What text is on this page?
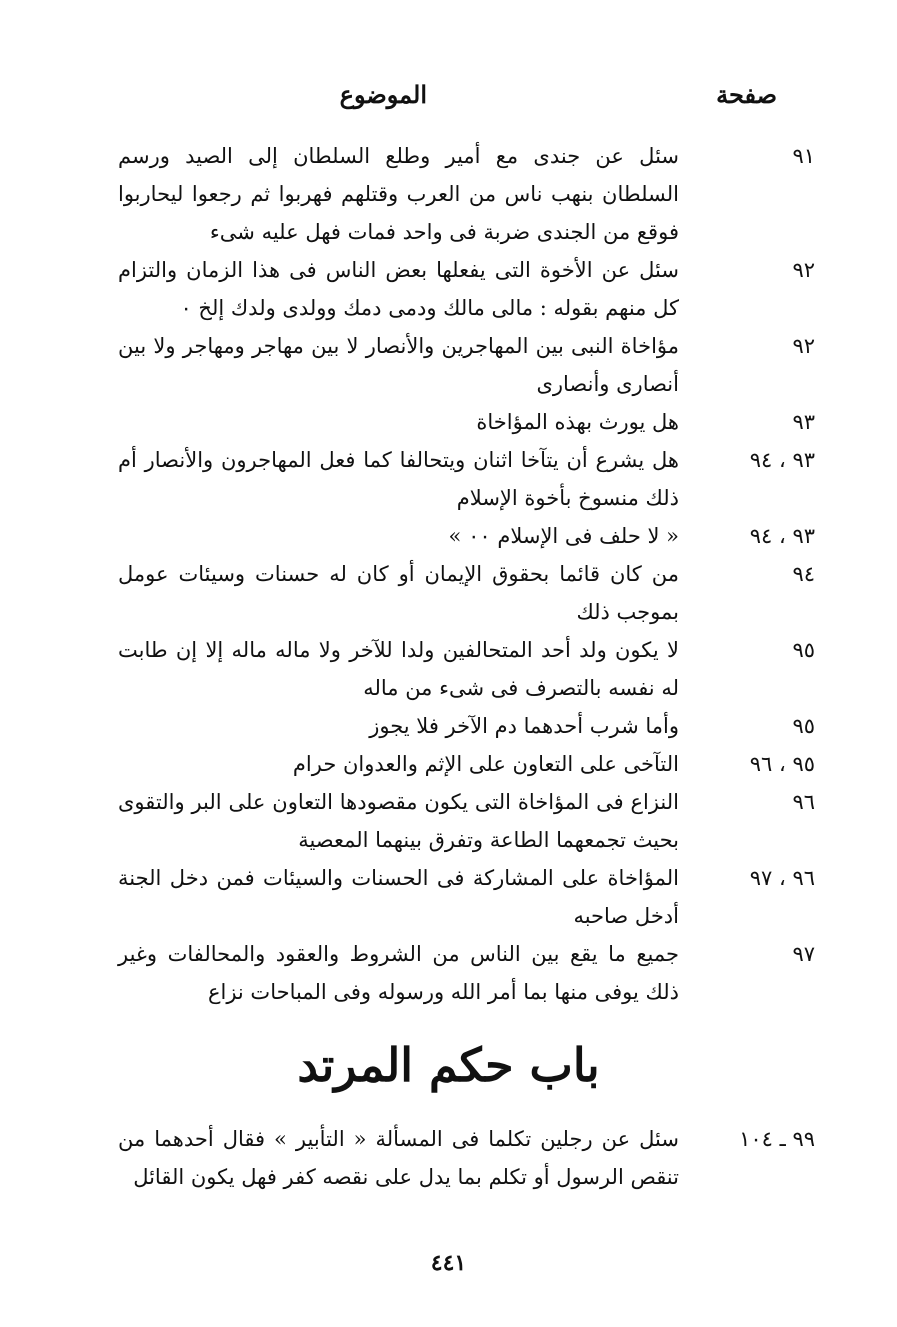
صفحة
الموضوع
٩١
سئل عن جندى مع أمير وطلع السلطان إلى الصيد ورسم السلطان بنهب ناس من العرب وقتلهم فهربوا ثم رجعوا ليحاربوا فوقع من الجندى ضربة فى واحد فمات فهل عليه شىء
٩٢
سئل عن الأخوة التى يفعلها بعض الناس فى هذا الزمان والتزام كل منهم بقوله : مالى مالك ودمى دمك وولدى ولدك إلخ ٠
٩٢
مؤاخاة النبى بين المهاجرين والأنصار لا بين مهاجر ومهاجر ولا بين أنصارى وأنصارى
٩٣
هل يورث بهذه المؤاخاة
٩٣ ، ٩٤
هل يشرع أن يتآخا اثنان ويتحالفا كما فعل المهاجرون والأنصار أم ذلك منسوخ بأخوة الإسلام
٩٣ ، ٩٤
« لا حلف فى الإسلام ٠٠ »
٩٤
من كان قائما بحقوق الإيمان أو كان له حسنات وسيئات عومل بموجب ذلك
٩٥
لا يكون ولد أحد المتحالفين ولدا للآخر ولا ماله ماله إلا إن طابت له نفسه بالتصرف فى شىء من ماله
٩٥
وأما شرب أحدهما دم الآخر فلا يجوز
٩٥ ، ٩٦
التآخى على التعاون على الإثم والعدوان حرام
٩٦
النزاع فى المؤاخاة التى يكون مقصودها التعاون على البر والتقوى بحيث تجمعهما الطاعة وتفرق بينهما المعصية
٩٦ ، ٩٧
المؤاخاة على المشاركة فى الحسنات والسيئات فمن دخل الجنة أدخل صاحبه
٩٧
جميع ما يقع بين الناس من الشروط والعقود والمحالفات وغير ذلك يوفى منها بما أمر الله ورسوله وفى المباحات نزاع
باب حكم المرتد
٩٩ ـ ١٠٤
سئل عن رجلين تكلما فى المسألة « التأبير » فقال أحدهما من تنقص الرسول أو تكلم بما يدل على نقصه كفر فهل يكون القائل
٤٤١
